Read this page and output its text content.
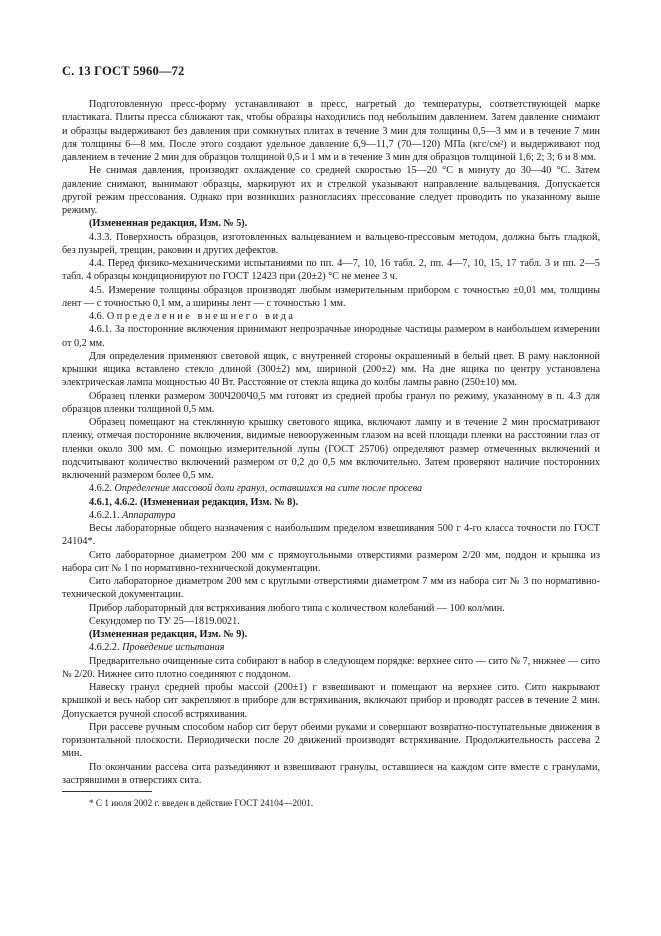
С. 13 ГОСТ 5960—72

Подготовленную пресс-форму устанавливают в пресс, нагретый до температуры, соответствующей марке пластиката. Плиты пресса сближают так, чтобы образцы находились под небольшим давлением. Затем давление снимают и образцы выдерживают без давления при сомкнутых плитах в течение 3 мин для толщины 0,5—3 мм и в течение 7 мин для толщины 6—8 мм. После этого создают удельное давление 6,9—11,7 (70—120) МПа (кгс/см²) и выдерживают под давлением в течение 2 мин для образцов толщиной 0,5 и 1 мм и в течение 3 мин для образцов толщиной 1,6; 2; 3; 6 и 8 мм.

Не снимая давления, производят охлаждение со средней скоростью 15—20 °С в минуту до 30—40 °С. Затем давление снимают, вынимают образцы, маркируют их и стрелкой указывают направление вальцевания. Допускается другой режим прессования. Однако при возникших разногласиях прессование следует проводить по указанному выше режиму.

(Измененная редакция, Изм. № 5).

4.3.3. Поверхность образцов, изготовленных вальцеванием и вальцево-прессовым методом, должна быть гладкой, без пузырей, трещин, раковин и других дефектов.

4.4. Перед физико-механическими испытаниями по пп. 4—7, 10, 16 табл. 2, пп. 4—7, 10, 15, 17 табл. 3 и пп. 2—5 табл. 4 образцы кондиционируют по ГОСТ 12423 при (20±2) °С не менее 3 ч.

4.5. Измерение толщины образцов производят любым измерительным прибором с точностью ±0,01 мм, толщины лент — с точностью 0,1 мм, а ширины лент — с точностью 1 мм.

4.6. Определение внешнего вида

4.6.1. За посторонние включения принимают непрозрачные инородные частицы размером в наибольшем измерении от 0,2 мм.

Для определения применяют световой ящик, с внутренней стороны окрашенный в белый цвет. В раму наклонной крышки ящика вставлено стекло длиной (300±2) мм, шириной (200±2) мм. На дне ящика по центру установлена электрическая лампа мощностью 40 Вт. Расстояние от стекла ящика до колбы лампы равно (250±10) мм.

Образец пленки размером 300Ч200Ч0,5 мм готовят из средней пробы гранул по режиму, указанному в п. 4.3 для образцов пленки толщиной 0,5 мм.

Образец помещают на стеклянную крышку светового ящика, включают лампу и в течение 2 мин просматривают пленку, отмечая посторонние включения, видимые невооруженным глазом на всей площади пленки на расстоянии глаз от пленки около 300 мм. С помощью измерительной лупы (ГОСТ 25706) определяют размер отмеченных включений и подсчитывают количество включений размером от 0,2 до 0,5 мм включительно. Затем проверяют наличие посторонних включений размером более 0,5 мм.

4.6.2. Определение массовой доли гранул, оставшихся на сите после просева

4.6.1, 4.6.2. (Измененная редакция, Изм. № 8).

4.6.2.1. Аппаратура

Весы лабораторные общего назначения с наибольшим пределом взвешивания 500 г 4-го класса точности по ГОСТ 24104*.

Сито лабораторное диаметром 200 мм с прямоугольными отверстиями размером 2/20 мм, поддон и крышка из набора сит № 1 по нормативно-технической документации.

Сито лабораторное диаметром 200 мм с круглыми отверстиями диаметром 7 мм из набора сит № 3 по нормативно-технической документации.

Прибор лабораторный для встряхивания любого типа с количеством колебаний — 100 кол/мин.

Секундомер по ТУ 25—1819.0021.

(Измененная редакция, Изм. № 9).

4.6.2.2. Проведение испытания

Предварительно очищенные сита собирают в набор в следующем порядке: верхнее сито — сито № 7, нижнее — сито № 2/20. Нижнее сито плотно соединяют с поддоном.

Навеску гранул средней пробы массой (200±1) г взвешивают и помещают на верхнее сито. Сито накрывают крышкой и весь набор сит закрепляют в приборе для встряхивания, включают прибор и проводят рассев в течение 2 мин. Допускается ручной способ встряхивания.

При рассеве ручным способом набор сит берут обеими руками и совершают возвратно-поступательные движения в горизонтальной плоскости. Периодически после 20 движений производят встряхивание. Продолжительность рассева 2 мин.

По окончании рассева сита разъединяют и взвешивают гранулы, оставшиеся на каждом сите вместе с гранулами, застрявшими в отверстиях сита.

* С 1 июля 2002 г. введен в действие ГОСТ 24104—2001.
